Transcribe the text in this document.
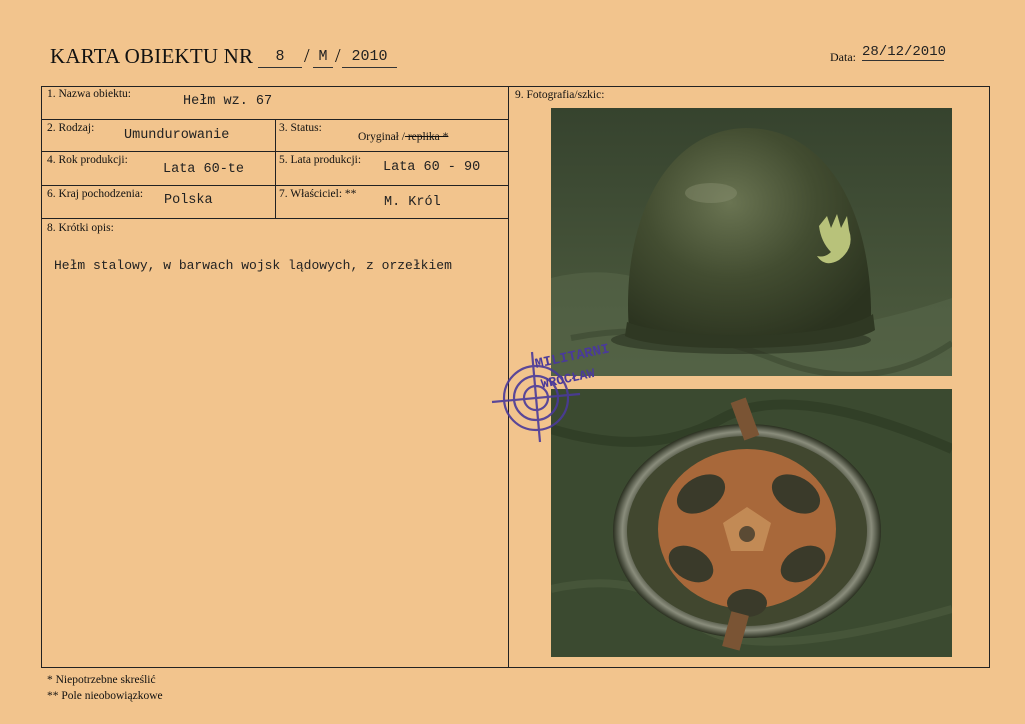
KARTA OBIEKTU NR	8 / M / 2010	Data: 28/12/2010
1. Nazwa obiektu:	Hełm wz. 67
2. Rodzaj: Umundurowanie	3. Status:
Oryginał / replika *
4. Rok produkcji:
Lata 60-te
5. Lata produkcji: Lata 60 - 90
6. Kraj pochodzenia: Polska	7. Właściciel: **
M. Król
8. Krótki opis:
Hełm stalowy, w barwach wojsk lądowych, z orzełkiem
9. Fotografia/szkic:
MILITARNI
WROCŁAW
* Niepotrzebne skreślić
** Pole nieobowiązkowe
